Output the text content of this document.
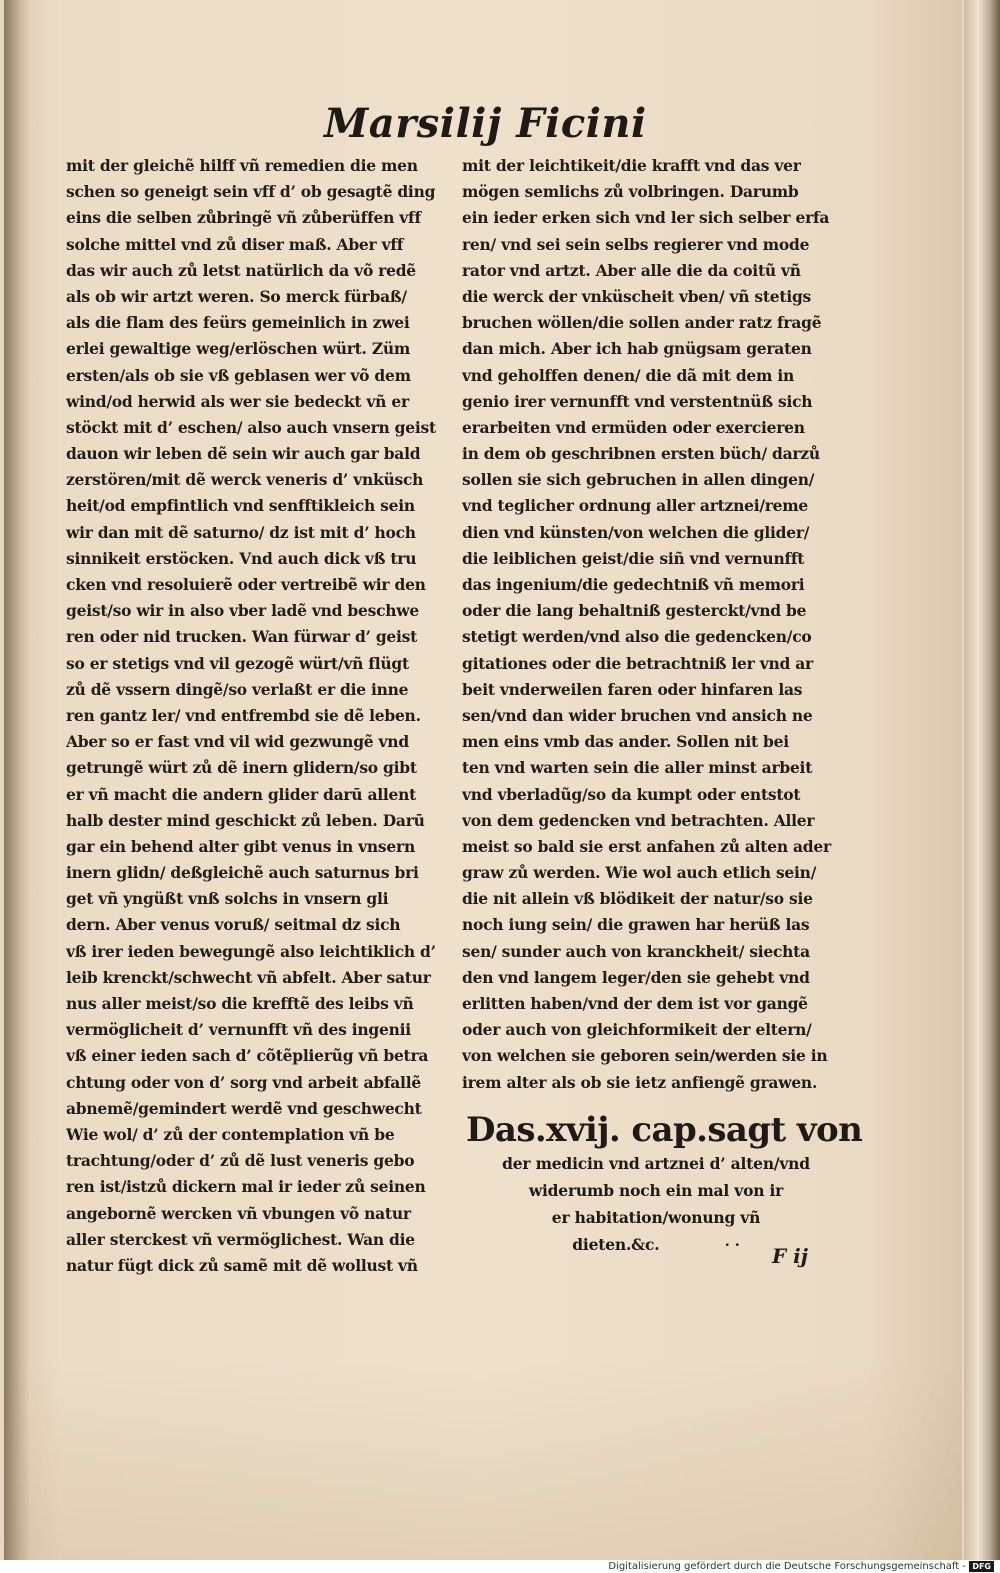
Marsilij Ficini
mit der gleichẽ hilff vñ remedien die men
schen so geneigt sein vff d’ ob gesagtẽ ding
eins die selben zůbringẽ vñ zůberüffen vff
solche mittel vnd zů diser maß. Aber vff
das wir auch zů letst natürlich da võ redẽ
als ob wir artzt weren. So merck fürbaß/
als die flam des feürs gemeinlich in zwei
erlei gewaltige weg/erlöschen würt. Züm
ersten/als ob sie vß geblasen wer võ dem
wind/od herwid als wer sie bedeckt vñ er
stöckt mit d’ eschen/ also auch vnsern geist
dauon wir leben dẽ sein wir auch gar bald
zerstören/mit dẽ werck veneris d’ vnküsch
heit/od empfintlich vnd senfftikleich sein
wir dan mit dẽ saturno/ dz ist mit d’ hoch
sinnikeit erstöcken. Vnd auch dick vß tru
cken vnd resoluierẽ oder vertreibẽ wir den
geist/so wir in also vber ladẽ vnd beschwe
ren oder nid trucken. Wan fürwar d’ geist
so er stetigs vnd vil gezogẽ würt/vñ flügt
zů dẽ vssern dingẽ/so verlaßt er die inne
ren gantz ler/ vnd entfrembd sie dẽ leben.
Aber so er fast vnd vil wid gezwungẽ vnd
getrungẽ würt zů dẽ inern glidern/so gibt
er vñ macht die andern glider darū allent
halb dester mind geschickt zů leben. Darū
gar ein behend alter gibt venus in vnsern
inern glidn/ deßgleichẽ auch saturnus bri
get vñ yngüßt vnß solchs in vnsern gli
dern. Aber venus voruß/ seitmal dz sich
vß irer ieden bewegungẽ also leichtiklich d’
leib krenckt/schwecht vñ abfelt. Aber satur
nus aller meist/so die krefftẽ des leibs vñ
vermöglicheit d’ vernunfft vñ des ingenii
vß einer ieden sach d’ cõtẽplierũg vñ betra
chtung oder von d’ sorg vnd arbeit abfallẽ
abnemẽ/gemindert werdẽ vnd geschwecht
Wie wol/ d’ zů der contemplation vñ be
trachtung/oder d’ zů dẽ lust veneris gebo
ren ist/istzů dickern mal ir ieder zů seinen
angebornẽ wercken vñ vbungen võ natur
aller sterckest vñ vermöglichest. Wan die
natur fügt dick zů samẽ mit dẽ wollust vñ
mit der leichtikeit/die krafft vnd das ver
mögen semlichs zů volbringen. Darumb
ein ieder erken sich vnd ler sich selber erfa
ren/ vnd sei sein selbs regierer vnd mode
rator vnd artzt. Aber alle die da coitũ vñ
die werck der vnküscheit vben/ vñ stetigs
bruchen wöllen/die sollen ander ratz fragẽ
dan mich. Aber ich hab gnügsam geraten
vnd geholffen denen/ die dã mit dem in
genio irer vernunfft vnd verstentnüß sich
erarbeiten vnd ermüden oder exercieren
in dem ob geschribnen ersten büch/ darzů
sollen sie sich gebruchen in allen dingen/
vnd teglicher ordnung aller artznei/reme
dien vnd künsten/von welchen die glider/
die leiblichen geist/die siñ vnd vernunfft
das ingenium/die gedechtniß vñ memori
oder die lang behaltniß gesterckt/vnd be
stetigt werden/vnd also die gedencken/co
gitationes oder die betrachtniß ler vnd ar
beit vnderweilen faren oder hinfaren las
sen/vnd dan wider bruchen vnd ansich ne
men eins vmb das ander. Sollen nit bei
ten vnd warten sein die aller minst arbeit
vnd vberladũg/so da kumpt oder entstot
von dem gedencken vnd betrachten. Aller
meist so bald sie erst anfahen zů alten ader
graw zů werden. Wie wol auch etlich sein/
die nit allein vß blödikeit der natur/so sie
noch iung sein/ die grawen har herüß las
sen/ sunder auch von kranckheit/ siechta
den vnd langem leger/den sie gehebt vnd
erlitten haben/vnd der dem ist vor gangẽ
oder auch von gleichformikeit der eltern/
von welchen sie geboren sein/werden sie in
irem alter als ob sie ietz anfiengẽ grawen.
Das.xvij. cap.sagt von
der medicin vnd artznei d’ alten/vnd
widerumb noch ein mal von ir
er habitation/wonung vñ
dieten.&c.	· ·	F ij
Digitalisierung gefördert durch die Deutsche Forschungsgemeinschaft - DFG
